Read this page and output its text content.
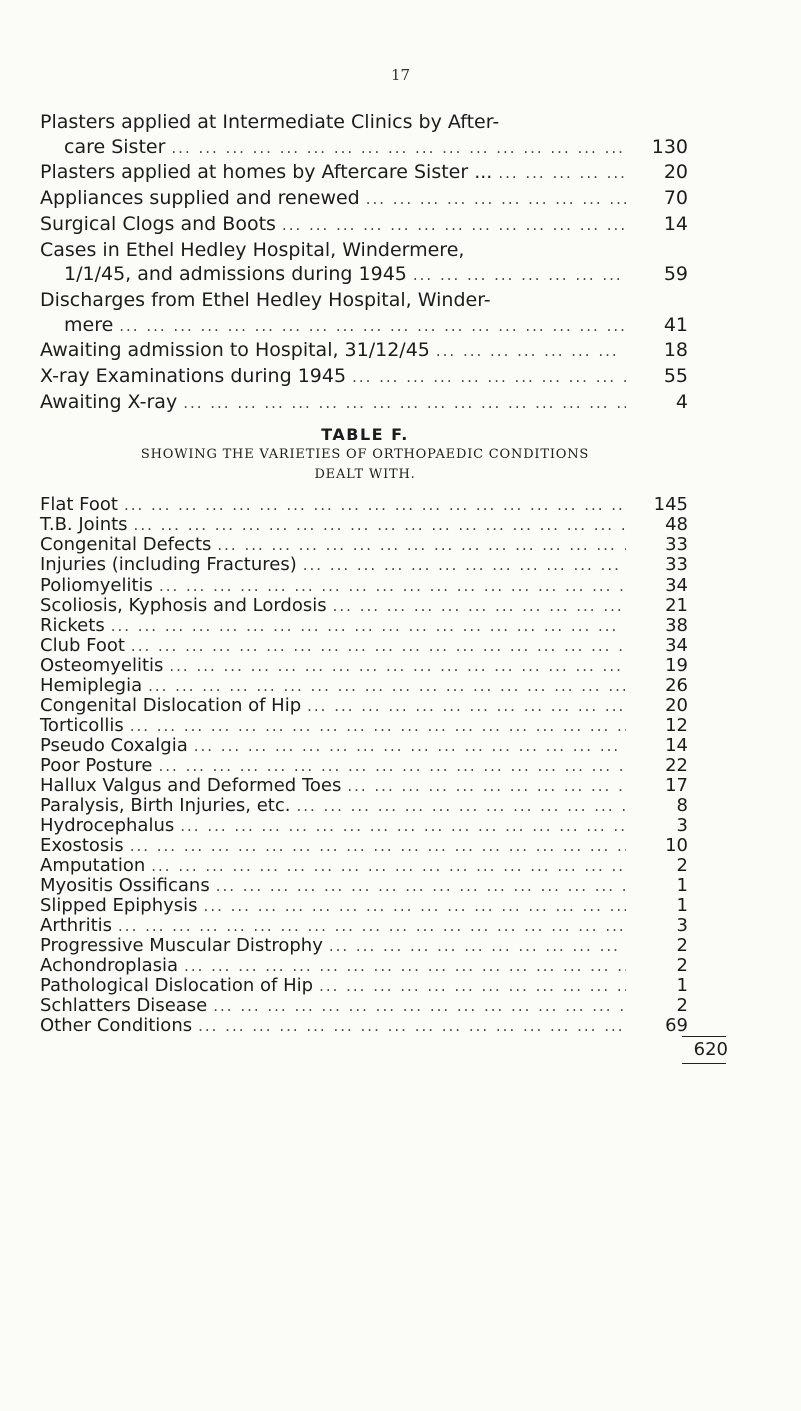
17
Plasters applied at Intermediate Clinics by After-
care Sister ... .	130
Plasters applied at homes by Aftercare Sister ... ... .	20
Appliances supplied and renewed ... .	70
Surgical Clogs and Boots ... .	14
Cases in Ethel Hedley Hospital, Windermere,
1/1/45, and admissions during 1945 ... .	59
Discharges from Ethel Hedley Hospital, Winder-
mere ... .	41
Awaiting admission to Hospital, 31/12/45 ... .	18
X-ray Examinations during 1945 ... .	55
Awaiting X-ray ... .	4
TABLE F.
SHOWING THE VARIETIES OF ORTHOPAEDIC CONDITIONS
DEALT WITH.
Flat Foot ... .	145
T.B. Joints ... .	48
Congenital Defects ... .	33
Injuries (including Fractures) ... .	33
Poliomyelitis ... .	34
Scoliosis, Kyphosis and Lordosis ... .	21
Rickets ... .	38
Club Foot ... .	34
Osteomyelitis ... .	19
Hemiplegia ... .	26
Congenital Dislocation of Hip ... .	20
Torticollis ... .	12
Pseudo Coxalgia ... .	14
Poor Posture ... .	22
Hallux Valgus and Deformed Toes ... .	17
Paralysis, Birth Injuries, etc. ... .	8
Hydrocephalus ... .	3
Exostosis ... .	10
Amputation ... .	2
Myositis Ossificans ... .	1
Slipped Epiphysis ... .	1
Arthritis ... .	3
Progressive Muscular Distrophy ... .	2
Achondroplasia ... .	2
Pathological Dislocation of Hip ... .	1
Schlatters Disease ... .	2
Other Conditions ... .	69
620
